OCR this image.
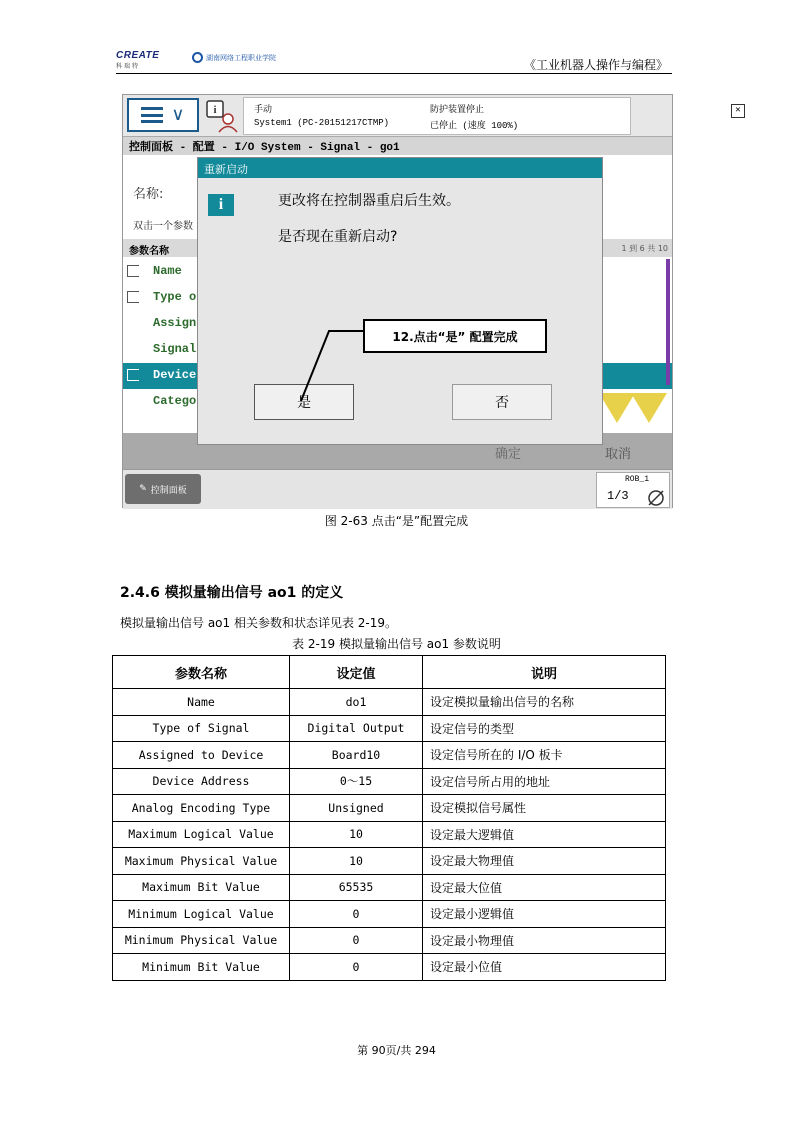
CREATE
科瑞特
湖南网络工程职业学院
《工业机器人操作与编程》
∨	i	手动
System1 (PC-20151217CTMP)
防护装置停止
已停止 (速度 100%)
✕
控制面板 - 配置 - I/O System - Signal - go1
名称:
双击一个参数
参数名称	1 到 6 共 10
Name
Type o
Assign
Signal
Device
Catego
确定	取消
✎ 控制面板
ROB_1
1/3
重新启动
i	更改将在控制器重启后生效。
是否现在重新启动?
是	否
12.点击“是” 配置完成
图 2-63 点击“是”配置完成
2.4.6 模拟量输出信号 ao1 的定义
模拟量输出信号 ao1 相关参数和状态详见表 2-19。
表 2-19 模拟量输出信号 ao1 参数说明
参数名称	设定值	说明
Name	do1	设定模拟量输出信号的名称
Type of Signal	Digital Output	设定信号的类型
Assigned to Device	Board10	设定信号所在的 I/O 板卡
Device Address	0～15	设定信号所占用的地址
Analog Encoding Type	Unsigned	设定模拟信号属性
Maximum Logical Value	10	设定最大逻辑值
Maximum Physical Value	10	设定最大物理值
Maximum Bit Value	65535	设定最大位值
Minimum Logical Value	0	设定最小逻辑值
Minimum Physical Value	0	设定最小物理值
Minimum Bit Value	0	设定最小位值
第 90页/共 294
